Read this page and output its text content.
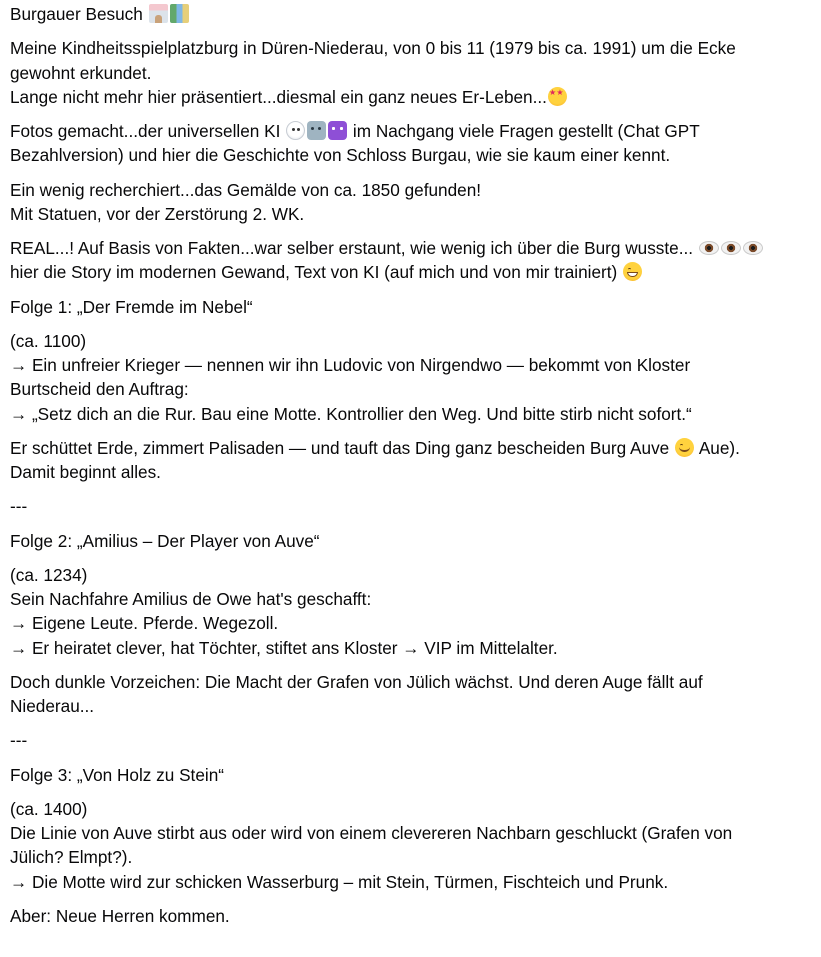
Burgauer Besuch

Meine Kindheitsspielplatzburg in Düren-Niederau, von 0 bis 11 (1979 bis ca. 1991) um die Ecke
gewohnt erkundet.
Lange nicht mehr hier präsentiert...diesmal ein ganz neues Er-Leben...★ ★

Fotos gemacht...der universellen KI	im Nachgang viele Fragen gestellt (Chat GPT
Bezahlversion) und hier die Geschichte von Schloss Burgau, wie sie kaum einer kennt.

Ein wenig recherchiert...das Gemälde von ca. 1850 gefunden!
Mit Statuen, vor der Zerstörung 2. WK.

REAL...! Auf Basis von Fakten...war selber erstaunt, wie wenig ich über die Burg wusste...
hier die Story im modernen Gewand, Text von KI (auf mich und von mir trainiert)

Folge 1: „Der Fremde im Nebel“

(ca. 1100)
→ Ein unfreier Krieger — nennen wir ihn Ludovic von Nirgendwo — bekommt von Kloster
Burtscheid den Auftrag:
→ „Setz dich an die Rur. Bau eine Motte. Kontrollier den Weg. Und bitte stirb nicht sofort.“

Er schüttet Erde, zimmert Palisaden — und tauft das Ding ganz bescheiden Burg Auve Aue).
Damit beginnt alles.

---

Folge 2: „Amilius – Der Player von Auve“

(ca. 1234)
Sein Nachfahre Amilius de Owe hat's geschafft:
→ Eigene Leute. Pferde. Wegezoll.
→ Er heiratet clever, hat Töchter, stiftet ans Kloster → VIP im Mittelalter.

Doch dunkle Vorzeichen: Die Macht der Grafen von Jülich wächst. Und deren Auge fällt auf
Niederau...

---

Folge 3: „Von Holz zu Stein“

(ca. 1400)
Die Linie von Auve stirbt aus oder wird von einem clevereren Nachbarn geschluckt (Grafen von
Jülich? Elmpt?).
→ Die Motte wird zur schicken Wasserburg – mit Stein, Türmen, Fischteich und Prunk.

Aber: Neue Herren kommen.
